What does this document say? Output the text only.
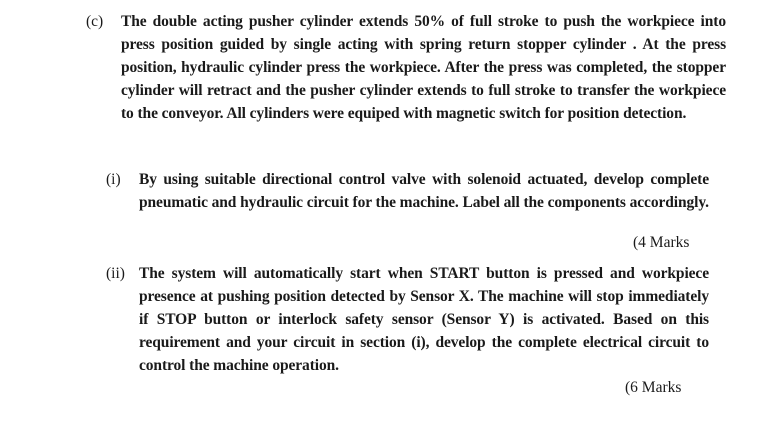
(c) The double acting pusher cylinder extends 50% of full stroke to push the workpiece into press position guided by single acting with spring return stopper cylinder . At the press position, hydraulic cylinder press the workpiece. After the press was completed, the stopper cylinder will retract and the pusher cylinder extends to full stroke to transfer the workpiece to the conveyor. All cylinders were equiped with magnetic switch for position detection.
(i) By using suitable directional control valve with solenoid actuated, develop complete pneumatic and hydraulic circuit for the machine. Label all the components accordingly.
(4 Marks
(ii) The system will automatically start when START button is pressed and workpiece presence at pushing position detected by Sensor X. The machine will stop immediately if STOP button or interlock safety sensor (Sensor Y) is activated. Based on this requirement and your circuit in section (i), develop the complete electrical circuit to control the machine operation.
(6 Marks
